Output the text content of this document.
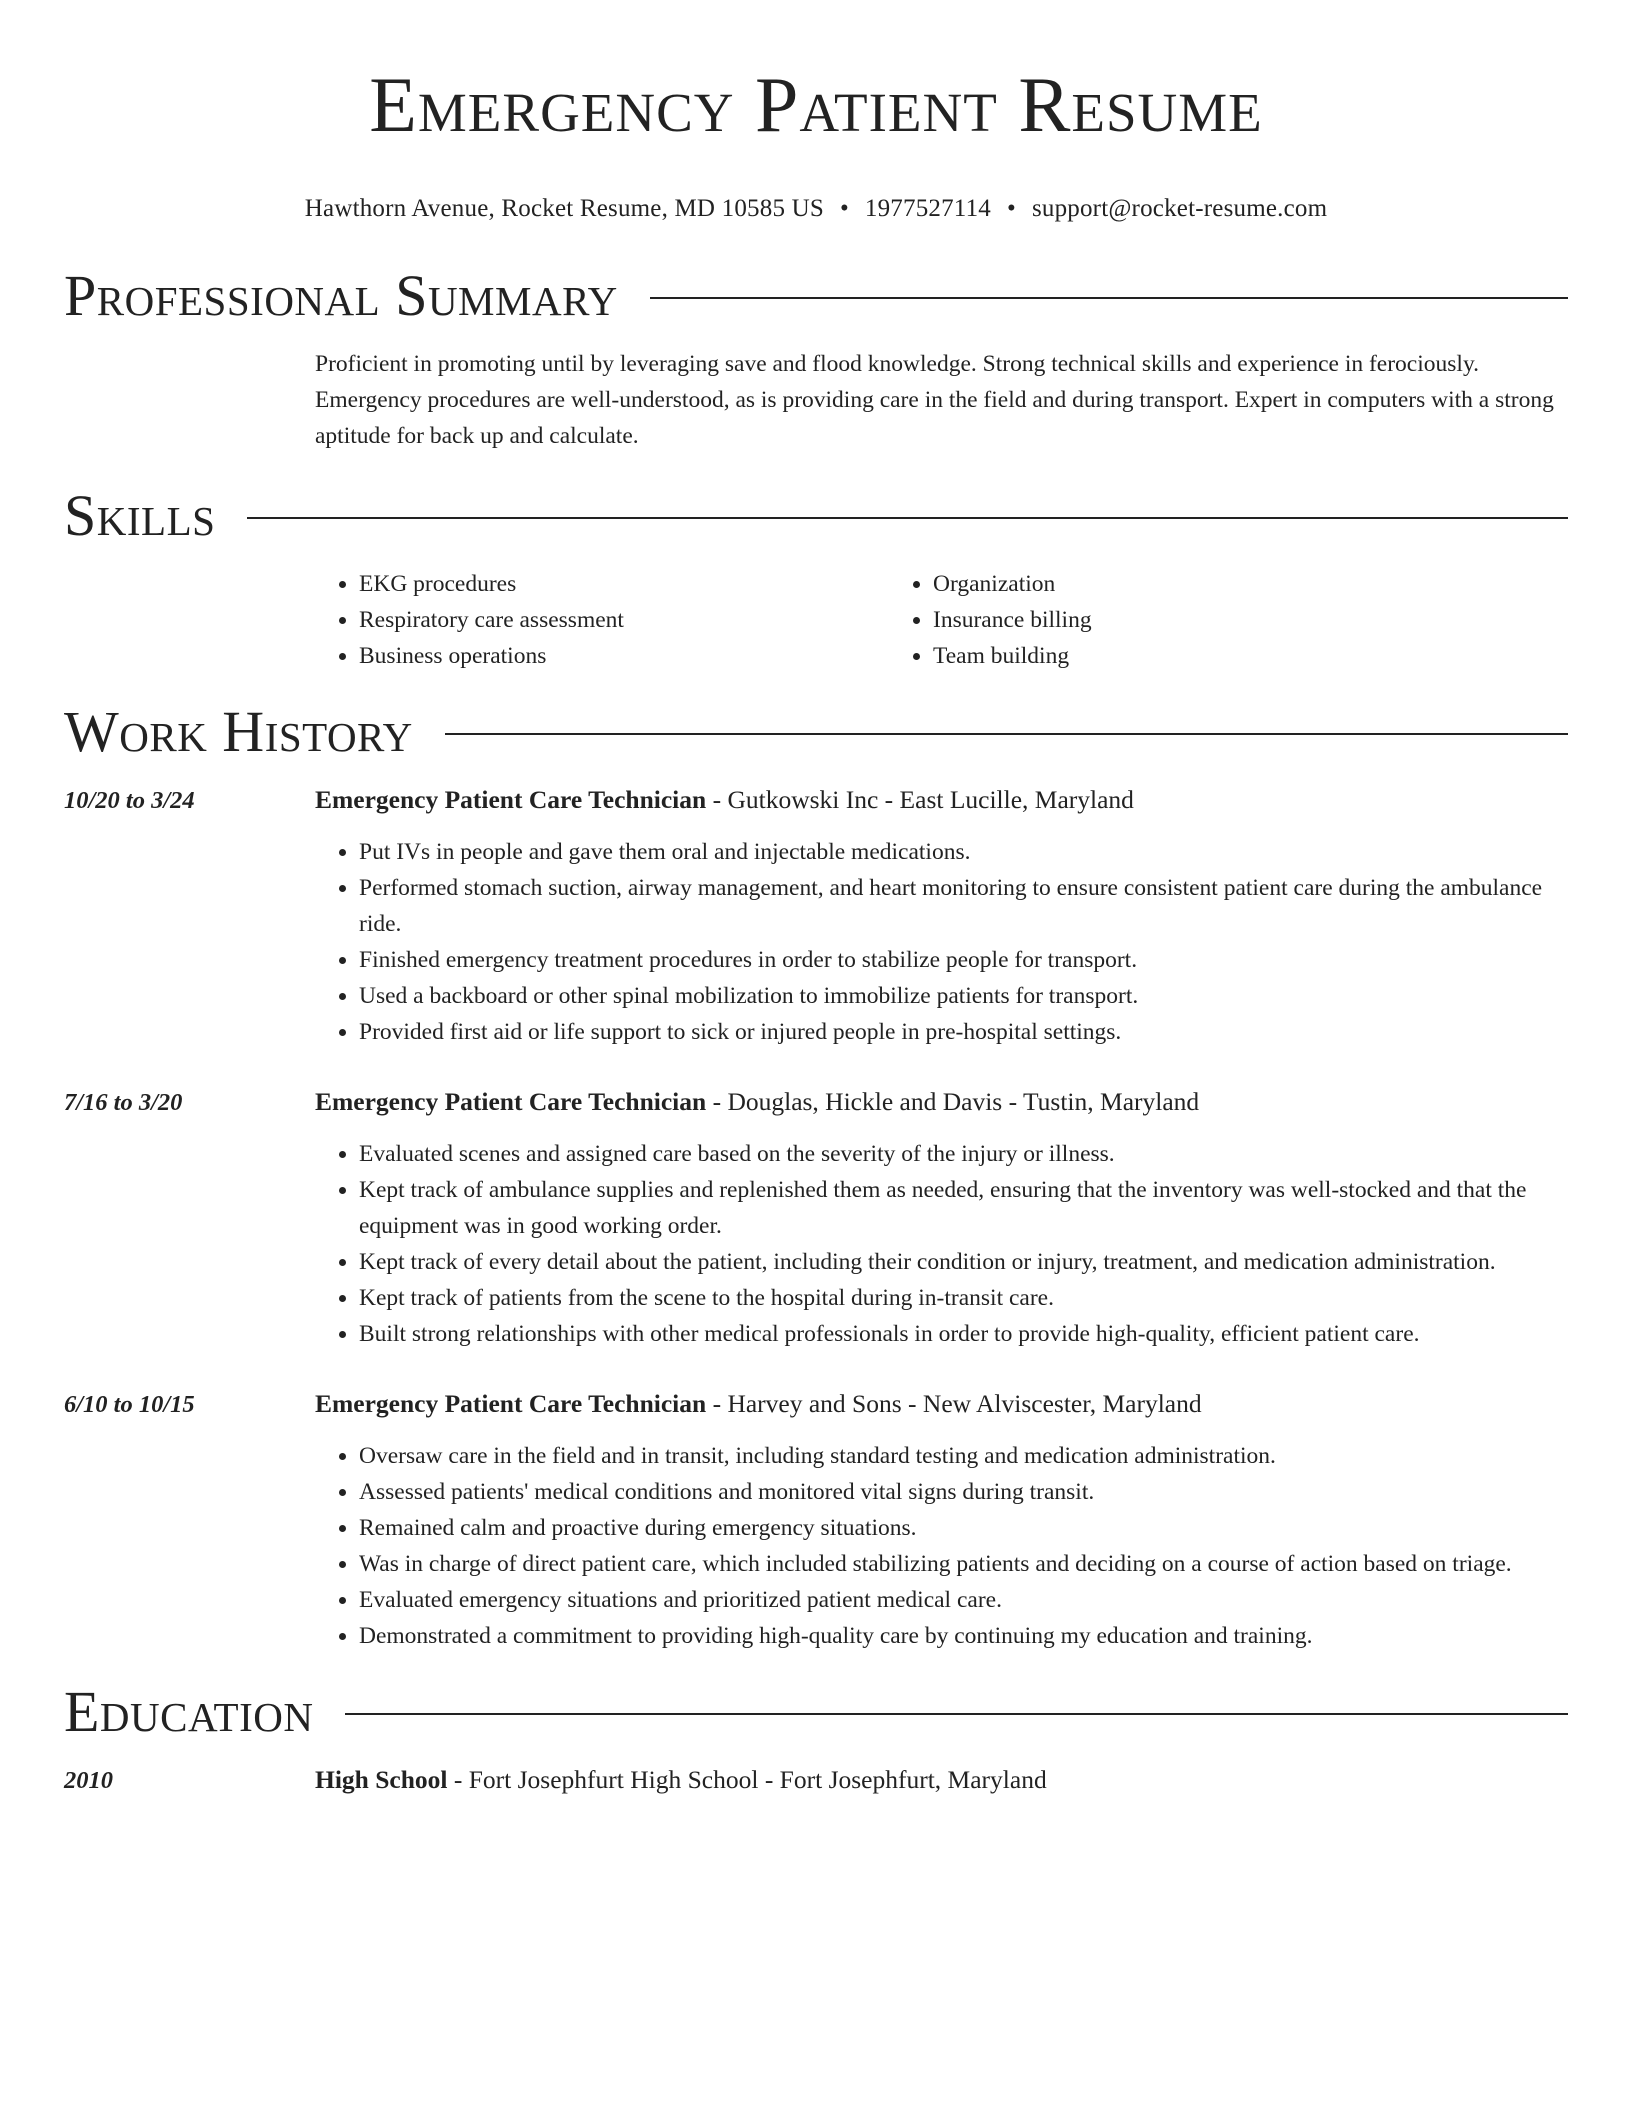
Emergency Patient Resume
Hawthorn Avenue, Rocket Resume, MD 10585 US • 1977527114 • support@rocket-resume.com
Professional Summary
Proficient in promoting until by leveraging save and flood knowledge. Strong technical skills and experience in ferociously. Emergency procedures are well-understood, as is providing care in the field and during transport. Expert in computers with a strong aptitude for back up and calculate.
Skills
• EKG procedures
• Respiratory care assessment
• Business operations
• Organization
• Insurance billing
• Team building
Work History
10/20 to 3/24	Emergency Patient Care Technician - Gutkowski Inc - East Lucille, Maryland
• Put IVs in people and gave them oral and injectable medications.
• Performed stomach suction, airway management, and heart monitoring to ensure consistent patient care during the ambulance ride.
• Finished emergency treatment procedures in order to stabilize people for transport.
• Used a backboard or other spinal mobilization to immobilize patients for transport.
• Provided first aid or life support to sick or injured people in pre-hospital settings.
7/16 to 3/20	Emergency Patient Care Technician - Douglas, Hickle and Davis - Tustin, Maryland
• Evaluated scenes and assigned care based on the severity of the injury or illness.
• Kept track of ambulance supplies and replenished them as needed, ensuring that the inventory was well-stocked and that the equipment was in good working order.
• Kept track of every detail about the patient, including their condition or injury, treatment, and medication administration.
• Kept track of patients from the scene to the hospital during in-transit care.
• Built strong relationships with other medical professionals in order to provide high-quality, efficient patient care.
6/10 to 10/15	Emergency Patient Care Technician - Harvey and Sons - New Alviscester, Maryland
• Oversaw care in the field and in transit, including standard testing and medication administration.
• Assessed patients' medical conditions and monitored vital signs during transit.
• Remained calm and proactive during emergency situations.
• Was in charge of direct patient care, which included stabilizing patients and deciding on a course of action based on triage.
• Evaluated emergency situations and prioritized patient medical care.
• Demonstrated a commitment to providing high-quality care by continuing my education and training.
Education
2010	High School - Fort Josephfurt High School - Fort Josephfurt, Maryland
